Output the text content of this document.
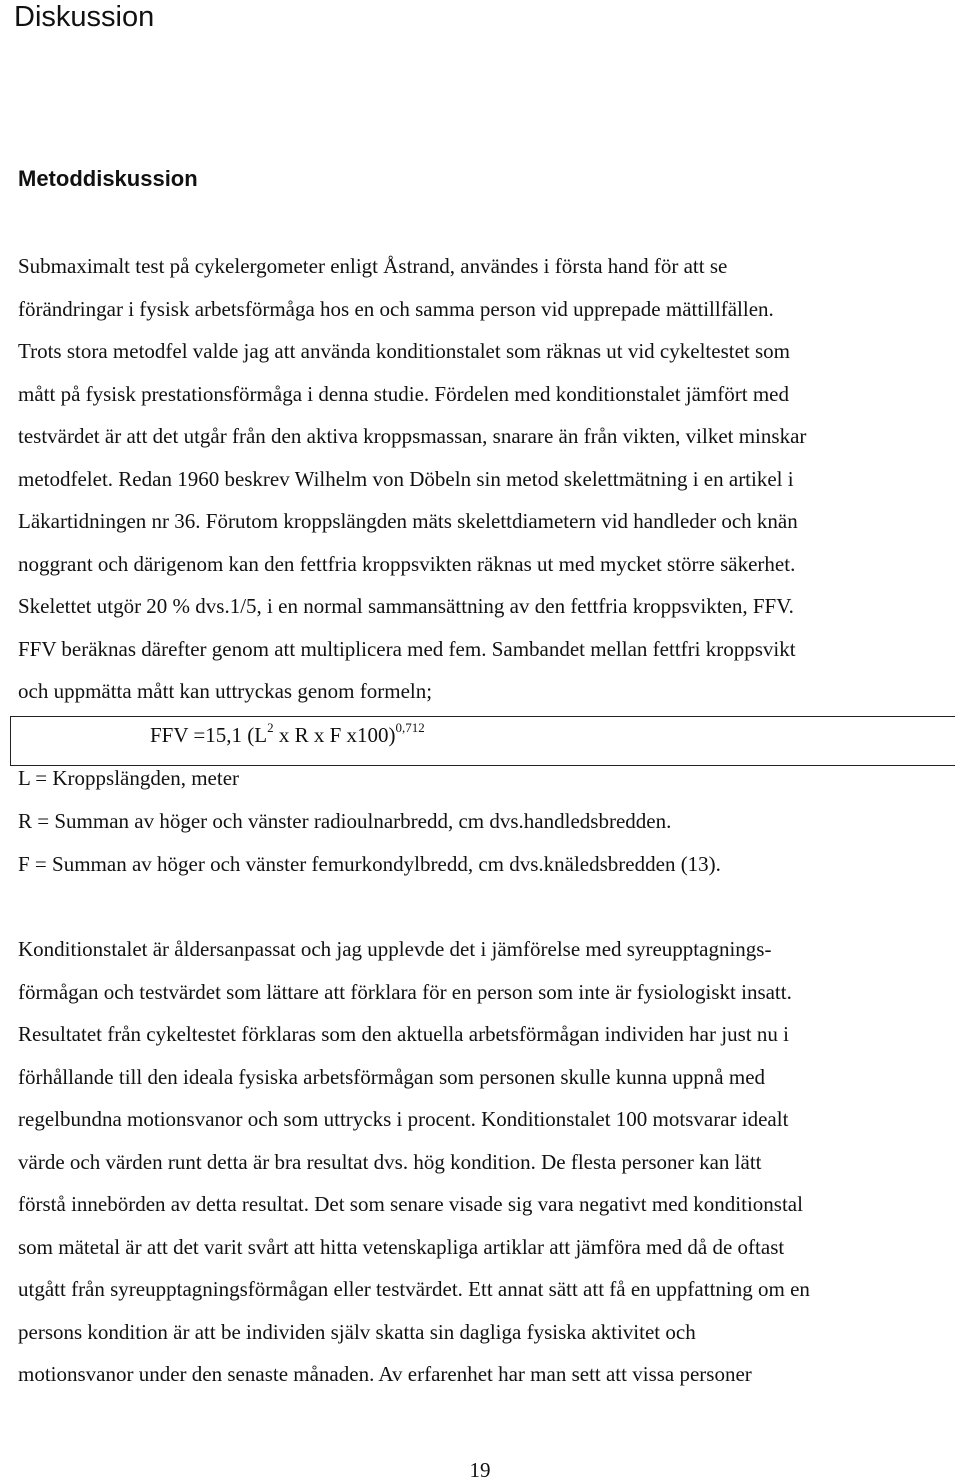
Diskussion
Metoddiskussion
Submaximalt test på cykelergometer enligt Åstrand, användes i första hand för att se
förändringar i fysisk arbetsförmåga hos en och samma person vid upprepade mättillfällen.
Trots stora metodfel valde jag att använda konditionstalet som räknas ut vid cykeltestet som
mått på fysisk prestationsförmåga i denna studie. Fördelen med konditionstalet jämfört med
testvärdet är att det utgår från den aktiva kroppsmassan, snarare än från vikten, vilket minskar
metodfelet. Redan 1960 beskrev Wilhelm von Döbeln sin metod skelettmätning i en artikel i
Läkartidningen nr 36. Förutom kroppslängden mäts skelettdiametern vid handleder och knän
noggrant och därigenom kan den fettfria kroppsvikten räknas ut med mycket större säkerhet.
Skelettet utgör 20 % dvs.1/5, i en normal sammansättning av den fettfria kroppsvikten, FFV.
FFV beräknas därefter genom att multiplicera med fem. Sambandet mellan fettfri kroppsvikt
och uppmätta mått kan uttryckas genom formeln;
FFV =15,1 ($L^2$ x R x F x100)$^{0,712}$
L = Kroppslängden, meter
R = Summan av höger och vänster radioulnarbredd, cm dvs.handledsbredden.
F = Summan av höger och vänster femurkondylbredd, cm dvs.knäledsbredden (13).
Konditionstalet är åldersanpassat och jag upplevde det i jämförelse med syreupptagnings-
förmågan och testvärdet som lättare att förklara för en person som inte är fysiologiskt insatt.
Resultatet från cykeltestet förklaras som den aktuella arbetsförmågan individen har just nu i
förhållande till den ideala fysiska arbetsförmågan som personen skulle kunna uppnå med
regelbundna motionsvanor och som uttrycks i procent. Konditionstalet 100 motsvarar idealt
värde och värden runt detta är bra resultat dvs. hög kondition. De flesta personer kan lätt
förstå innebörden av detta resultat. Det som senare visade sig vara negativt med konditionstal
som mätetal är att det varit svårt att hitta vetenskapliga artiklar att jämföra med då de oftast
utgått från syreupptagningsförmågan eller testvärdet. Ett annat sätt att få en uppfattning om en
persons kondition är att be individen själv skatta sin dagliga fysiska aktivitet och
motionsvanor under den senaste månaden. Av erfarenhet har man sett att vissa personer
19
